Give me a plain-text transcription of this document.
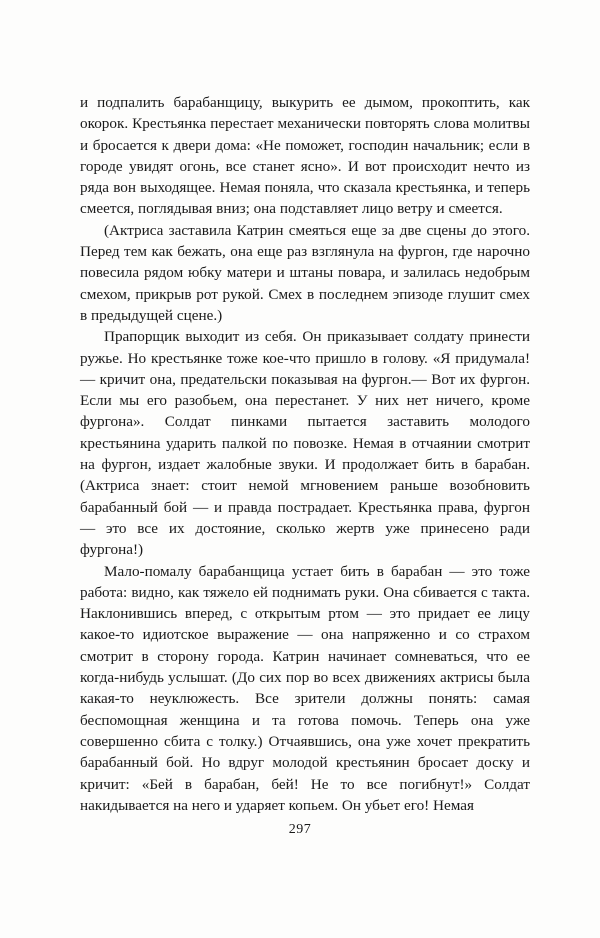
и подпалить барабанщицу, выкурить ее дымом, прокоптить, как окорок. Крестьянка перестает механически повторять слова молитвы и бросается к двери дома: «Не поможет, господин начальник; если в городе увидят огонь, все станет ясно». И вот происходит нечто из ряда вон выходящее. Немая поняла, что сказала крестьянка, и теперь смеется, поглядывая вниз; она подставляет лицо ветру и смеется.

(Актриса заставила Катрин смеяться еще за две сцены до этого. Перед тем как бежать, она еще раз взглянула на фургон, где нарочно повесила рядом юбку матери и штаны повара, и залилась недобрым смехом, прикрыв рот рукой. Смех в последнем эпизоде глушит смех в предыдущей сцене.)

Прапорщик выходит из себя. Он приказывает солдату принести ружье. Но крестьянке тоже кое-что пришло в голову. «Я придумала! — кричит она, предательски показывая на фургон.— Вот их фургон. Если мы его разобьем, она перестанет. У них нет ничего, кроме фургона». Солдат пинками пытается заставить молодого крестьянина ударить палкой по повозке. Немая в отчаянии смотрит на фургон, издает жалобные звуки. И продолжает бить в барабан. (Актриса знает: стоит немой мгновением раньше возобновить барабанный бой — и правда пострадает. Крестьянка права, фургон — это все их достояние, сколько жертв уже принесено ради фургона!)

Мало-помалу барабанщица устает бить в барабан — это тоже работа: видно, как тяжело ей поднимать руки. Она сбивается с такта. Наклонившись вперед, с открытым ртом — это придает ее лицу какое-то идиотское выражение — она напряженно и со страхом смотрит в сторону города. Катрин начинает сомневаться, что ее когда-нибудь услышат. (До сих пор во всех движениях актрисы была какая-то неуклюжесть. Все зрители должны понять: самая беспомощная женщина и та готова помочь. Теперь она уже совершенно сбита с толку.) Отчаявшись, она уже хочет прекратить барабанный бой. Но вдруг молодой крестьянин бросает доску и кричит: «Бей в барабан, бей! Не то все погибнут!» Солдат накидывается на него и ударяет копьем. Он убьет его! Немая

297
